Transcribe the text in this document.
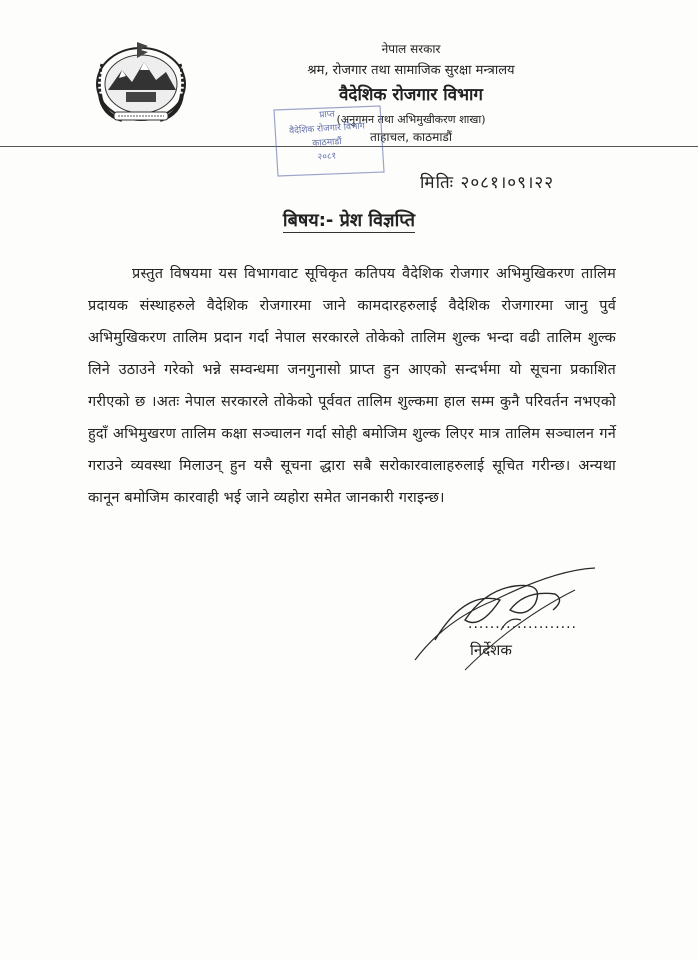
नेपाल सरकार
श्रम, रोजगार तथा सामाजिक सुरक्षा मन्त्रालय
वैदेशिक रोजगार विभाग
(अनुगमन तथा अभिमुखीकरण शाखा)
ताहाचल, काठमाडौं
प्राप्त
वैदेशिक रोजगार विभाग
काठमाडौं
२०८१
मितिः २०८१।०९।२२
बिषय:- प्रेश विज्ञप्ति
प्रस्तुत विषयमा यस विभागवाट सूचिकृत कतिपय वैदेशिक रोजगार अभिमुखिकरण तालिम प्रदायक संस्थाहरुले वैदेशिक रोजगारमा जाने कामदारहरुलाई वैदेशिक रोजगारमा जानु पुर्व अभिमुखिकरण तालिम प्रदान गर्दा नेपाल सरकारले तोकेको तालिम शुल्क भन्दा वढी तालिम शुल्क लिने उठाउने गरेको भन्ने सम्वन्धमा जनगुनासो प्राप्त हुन आएको सन्दर्भमा यो सूचना प्रकाशित गरीएको छ ।अतः नेपाल सरकारले तोकेको पूर्ववत तालिम शुल्कमा हाल सम्म कुनै परिवर्तन नभएको हुदाँ अभिमुखरण तालिम कक्षा सञ्चालन गर्दा सोही बमोजिम शुल्क लिएर मात्र तालिम सञ्चालन गर्ने गराउने व्यवस्था मिलाउन् हुन यसै सूचना द्धारा सबै सरोकारवालाहरुलाई सूचित गरीन्छ। अन्यथा कानून बमोजिम कारवाही भई जाने व्यहोरा समेत जानकारी गराइन्छ।
....................
निर्देशक
